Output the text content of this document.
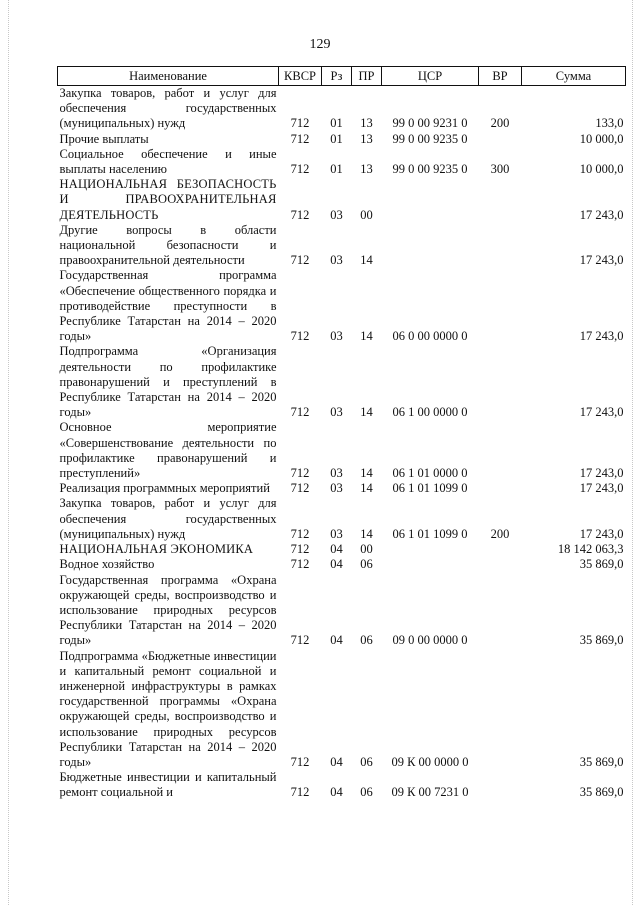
129
Наименование	КВСР	Рз	ПР	ЦСР	ВР	Сумма
Закупка товаров, работ и услуг для обеспечения государственных (муниципальных) нужд	712	01	13	99 0 00 9231 0	200	133,0
Прочие выплаты	712	01	13	99 0 00 9235 0		10 000,0
Социальное обеспечение и иные выплаты населению	712	01	13	99 0 00 9235 0	300	10 000,0
НАЦИОНАЛЬНАЯ БЕЗОПАСНОСТЬ И ПРАВООХРАНИТЕЛЬНАЯ ДЕЯТЕЛЬНОСТЬ	712	03	00			17 243,0
Другие вопросы в области национальной безопасности и правоохранительной деятельности	712	03	14			17 243,0
Государственная программа «Обеспечение общественного порядка и противодействие преступности в Республике Татарстан на 2014 – 2020 годы»	712	03	14	06 0 00 0000 0		17 243,0
Подпрограмма «Организация деятельности по профилактике правонарушений и преступлений в Республике Татарстан на 2014 – 2020 годы»	712	03	14	06 1 00 0000 0		17 243,0
Основное мероприятие «Совершенствование деятельности по профилактике правонарушений и преступлений»	712	03	14	06 1 01 0000 0		17 243,0
Реализация программных мероприятий	712	03	14	06 1 01 1099 0		17 243,0
Закупка товаров, работ и услуг для обеспечения государственных (муниципальных) нужд	712	03	14	06 1 01 1099 0	200	17 243,0
НАЦИОНАЛЬНАЯ ЭКОНОМИКА	712	04	00			18 142 063,3
Водное хозяйство	712	04	06			35 869,0
Государственная программа «Охрана окружающей среды, воспроизводство и использование природных ресурсов Республики Татарстан на 2014 – 2020 годы»	712	04	06	09 0 00 0000 0		35 869,0
Подпрограмма «Бюджетные инвестиции и капитальный ремонт социальной и инженерной инфраструктуры в рамках государственной программы «Охрана окружающей среды, воспроизводство и использование природных ресурсов Республики Татарстан на 2014 – 2020 годы»	712	04	06	09 К 00 0000 0		35 869,0
Бюджетные инвестиции и капитальный ремонт социальной и	712	04	06	09 К 00 7231 0		35 869,0
